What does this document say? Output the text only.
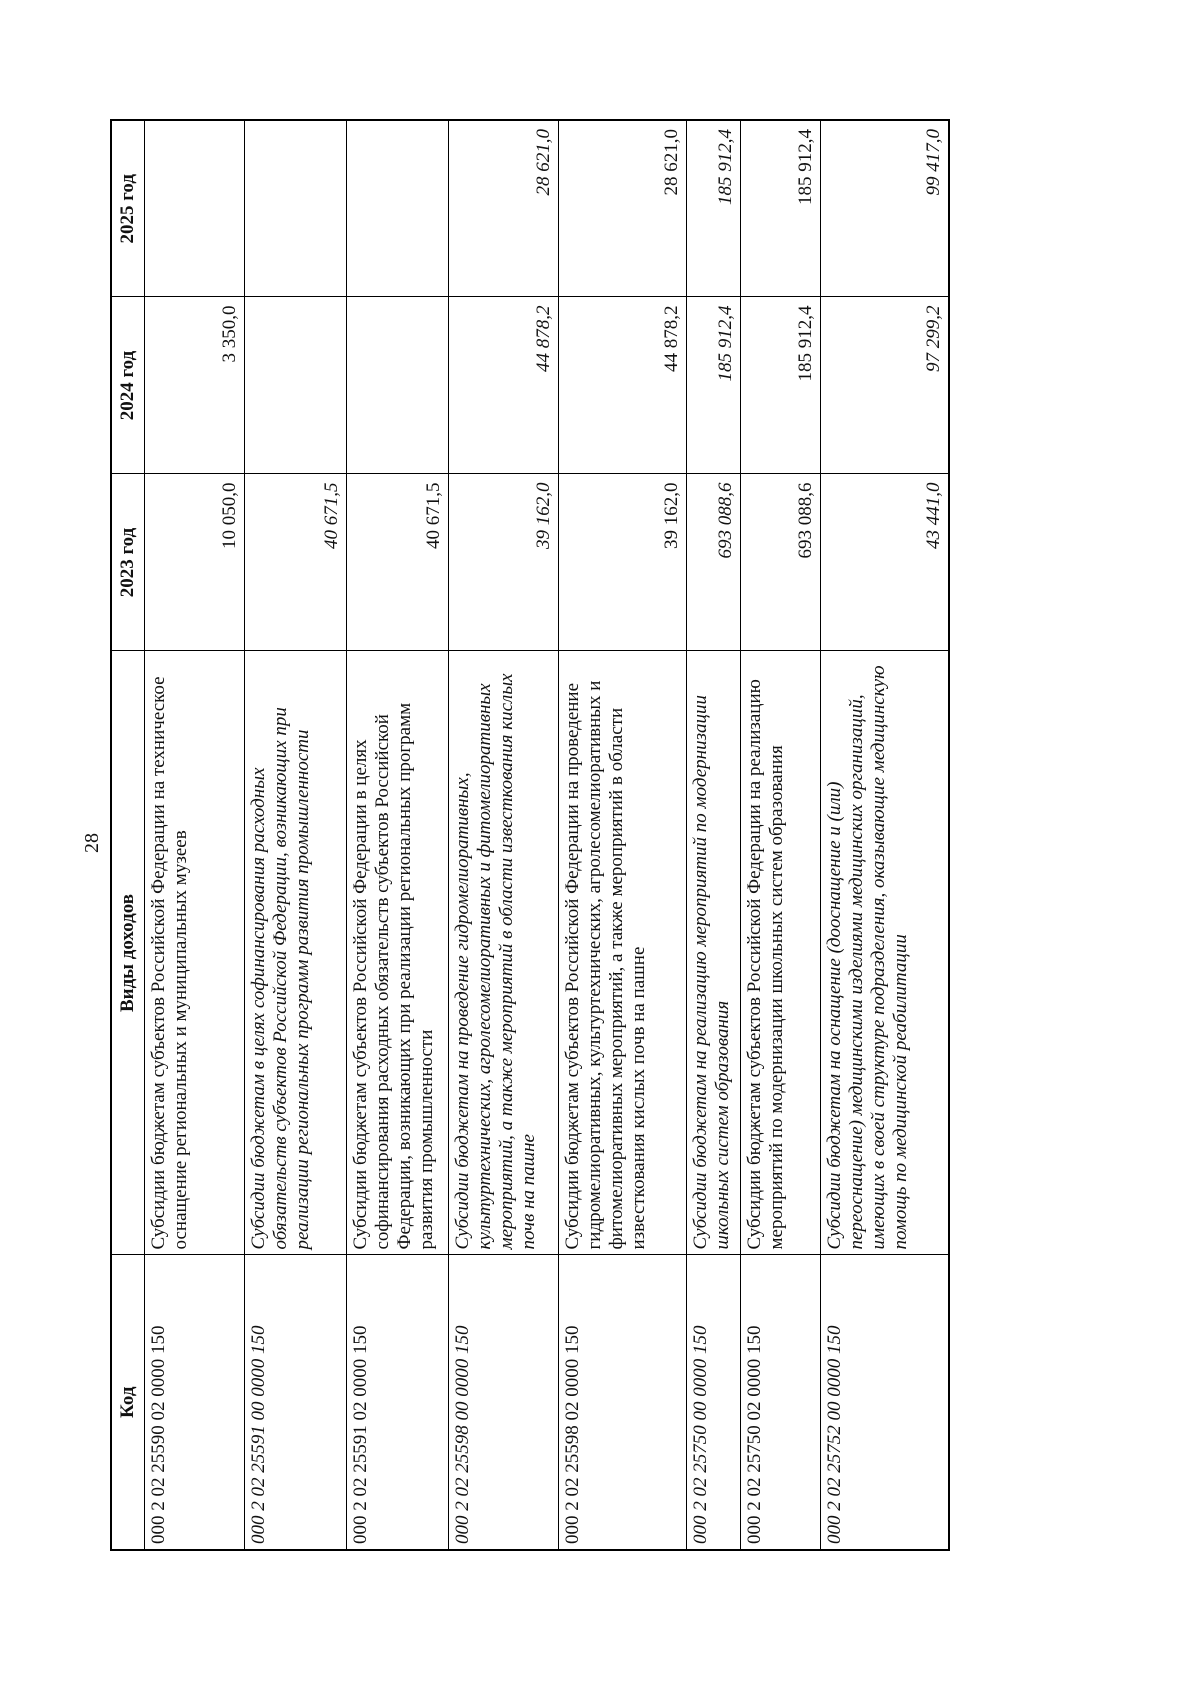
28
Код	Виды доходов	2023 год	2024 год	2025 год
000 2 02 25590 02 0000 150	Субсидии бюджетам субъектов Российской Федерации на техническое оснащение региональных и муниципальных музеев	10 050,0	3 350,0	
000 2 02 25591 00 0000 150	Субсидии бюджетам в целях софинансирования расходных обязательств субъектов Российской Федерации, возникающих при реализации региональных программ развития промышленности	40 671,5		
000 2 02 25591 02 0000 150	Субсидии бюджетам субъектов Российской Федерации в целях софинансирования расходных обязательств субъектов Российской Федерации, возникающих при реализации региональных программ развития промышленности	40 671,5		
000 2 02 25598 00 0000 150	Субсидии бюджетам на проведение гидромелиоративных, культуртехнических, агролесомелиоративных и фитомелиоративных мероприятий, а также мероприятий в области известкования кислых почв на пашне	39 162,0	44 878,2	28 621,0
000 2 02 25598 02 0000 150	Субсидии бюджетам субъектов Российской Федерации на проведение гидромелиоративных, культуртехнических, агролесомелиоративных и фитомелиоративных мероприятий, а также мероприятий в области известкования кислых почв на пашне	39 162,0	44 878,2	28 621,0
000 2 02 25750 00 0000 150	Субсидии бюджетам на реализацию мероприятий по модернизации школьных систем образования	693 088,6	185 912,4	185 912,4
000 2 02 25750 02 0000 150	Субсидии бюджетам субъектов Российской Федерации на реализацию мероприятий по модернизации школьных систем образования	693 088,6	185 912,4	185 912,4
000 2 02 25752 00 0000 150	Субсидии бюджетам на оснащение (дооснащение и (или) переоснащение) медицинскими изделиями медицинских организаций, имеющих в своей структуре подразделения, оказывающие медицинскую помощь по медицинской реабилитации	43 441,0	97 299,2	99 417,0
